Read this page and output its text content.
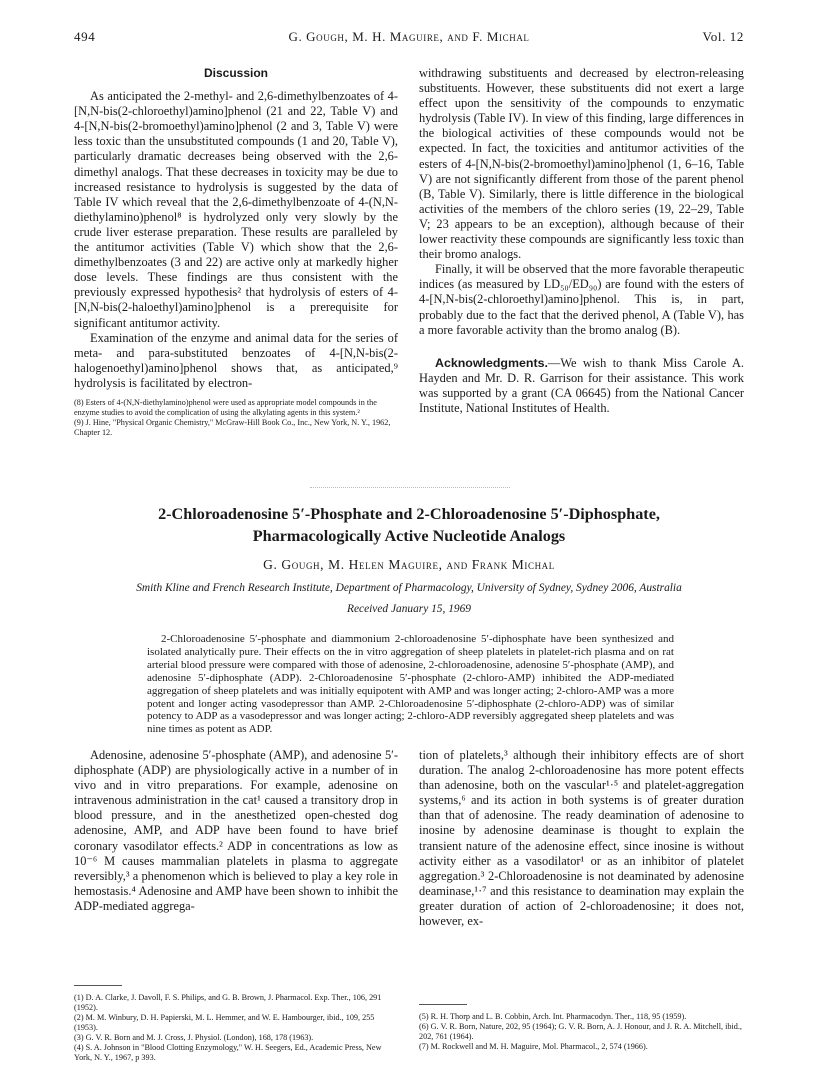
494	G. Gough, M. H. Maguire, and F. Michal	Vol. 12
Discussion

As anticipated the 2-methyl- and 2,6-dimethylbenzoates of 4-[N,N-bis(2-chloroethyl)amino]phenol (21 and 22, Table V) and 4-[N,N-bis(2-bromoethyl)amino]phenol (2 and 3, Table V) were less toxic than the unsubstituted compounds (1 and 20, Table V), particularly dramatic decreases being observed with the 2,6-dimethyl analogs. That these decreases in toxicity may be due to increased resistance to hydrolysis is suggested by the data of Table IV which reveal that the 2,6-dimethylbenzoate of 4-(N,N-diethylamino)phenol⁸ is hydrolyzed only very slowly by the crude liver esterase preparation. These results are paralleled by the antitumor activities (Table V) which show that the 2,6-dimethylbenzoates (3 and 22) are active only at markedly higher dose levels. These findings are thus consistent with the previously expressed hypothesis² that hydrolysis of esters of 4-[N,N-bis(2-haloethyl)amino]phenol is a prerequisite for significant antitumor activity.

Examination of the enzyme and animal data for the series of meta- and para-substituted benzoates of 4-[N,N-bis(2-halogenoethyl)amino]phenol shows that, as anticipated,⁹ hydrolysis is facilitated by electron-

(8) Esters of 4-(N,N-diethylamino)phenol were used as appropriate model compounds in the enzyme studies to avoid the complication of using the alkylating agents in this system.²
(9) J. Hine, "Physical Organic Chemistry," McGraw-Hill Book Co., Inc., New York, N. Y., 1962, Chapter 12.

withdrawing substituents and decreased by electron-releasing substituents. However, these substituents did not exert a large effect upon the sensitivity of the compounds to enzymatic hydrolysis (Table IV). In view of this finding, large differences in the biological activities of these compounds would not be expected. In fact, the toxicities and antitumor activities of the esters of 4-[N,N-bis(2-bromoethyl)amino]phenol (1, 6–16, Table V) are not significantly different from those of the parent phenol (B, Table V). Similarly, there is little difference in the biological activities of the members of the chloro series (19, 22–29, Table V; 23 appears to be an exception), although because of their lower reactivity these compounds are significantly less toxic than their bromo analogs.

Finally, it will be observed that the more favorable therapeutic indices (as measured by LD₅₀/ED₉₀) are found with the esters of 4-[N,N-bis(2-chloroethyl)amino]phenol. This is, in part, probably due to the fact that the derived phenol, A (Table V), has a more favorable activity than the bromo analog (B).

Acknowledgments.—We wish to thank Miss Carole A. Hayden and Mr. D. R. Garrison for their assistance. This work was supported by a grant (CA 06645) from the National Cancer Institute, National Institutes of Health.

2-Chloroadenosine 5′-Phosphate and 2-Chloroadenosine 5′-Diphosphate,
Pharmacologically Active Nucleotide Analogs
G. Gough, M. Helen Maguire, and Frank Michal
Smith Kline and French Research Institute, Department of Pharmacology, University of Sydney, Sydney 2006, Australia
Received January 15, 1969

2-Chloroadenosine 5′-phosphate and diammonium 2-chloroadenosine 5′-diphosphate have been synthesized and isolated analytically pure. Their effects on the in vitro aggregation of sheep platelets in platelet-rich plasma and on rat arterial blood pressure were compared with those of adenosine, 2-chloroadenosine, adenosine 5′-phosphate (AMP), and adenosine 5′-diphosphate (ADP). 2-Chloroadenosine 5′-phosphate (2-chloro-AMP) inhibited the ADP-mediated aggregation of sheep platelets and was initially equipotent with AMP and was longer acting; 2-chloro-AMP was a more potent and longer acting vasodepressor than AMP. 2-Chloroadenosine 5′-diphosphate (2-chloro-ADP) was of similar potency to ADP as a vasodepressor and was longer acting; 2-chloro-ADP reversibly aggregated sheep platelets and was nine times as potent as ADP.

Adenosine, adenosine 5′-phosphate (AMP), and adenosine 5′-diphosphate (ADP) are physiologically active in a number of in vivo and in vitro preparations. For example, adenosine on intravenous administration in the cat¹ caused a transitory drop in blood pressure, and in the anesthetized open-chested dog adenosine, AMP, and ADP have been found to have brief coronary vasodilator effects.² ADP in concentrations as low as 10⁻⁶ M causes mammalian platelets in plasma to aggregate reversibly,³ a phenomenon which is believed to play a key role in hemostasis.⁴ Adenosine and AMP have been shown to inhibit the ADP-mediated aggrega-

tion of platelets,³ although their inhibitory effects are of short duration. The analog 2-chloroadenosine has more potent effects than adenosine, both on the vascular¹·⁵ and platelet-aggregation systems,⁶ and its action in both systems is of greater duration than that of adenosine. The ready deamination of adenosine to inosine by adenosine deaminase is thought to explain the transient nature of the adenosine effect, since inosine is without activity either as a vasodilator¹ or as an inhibitor of platelet aggregation.³ 2-Chloroadenosine is not deaminated by adenosine deaminase,¹·⁷ and this resistance to deamination may explain the greater duration of action of 2-chloroadenosine; it does not, however, ex-

(1) D. A. Clarke, J. Davoll, F. S. Philips, and G. B. Brown, J. Pharmacol. Exp. Ther., 106, 291 (1952).
(2) M. M. Winbury, D. H. Papierski, M. L. Hemmer, and W. E. Hambourger, ibid., 109, 255 (1953).
(3) G. V. R. Born and M. J. Cross, J. Physiol. (London), 168, 178 (1963).
(4) S. A. Johnson in "Blood Clotting Enzymology," W. H. Seegers, Ed., Academic Press, New York, N. Y., 1967, p 393.
(5) R. H. Thorp and L. B. Cobbin, Arch. Int. Pharmacodyn. Ther., 118, 95 (1959).
(6) G. V. R. Born, Nature, 202, 95 (1964); G. V. R. Born, A. J. Honour, and J. R. A. Mitchell, ibid., 202, 761 (1964).
(7) M. Rockwell and M. H. Maguire, Mol. Pharmacol., 2, 574 (1966).
